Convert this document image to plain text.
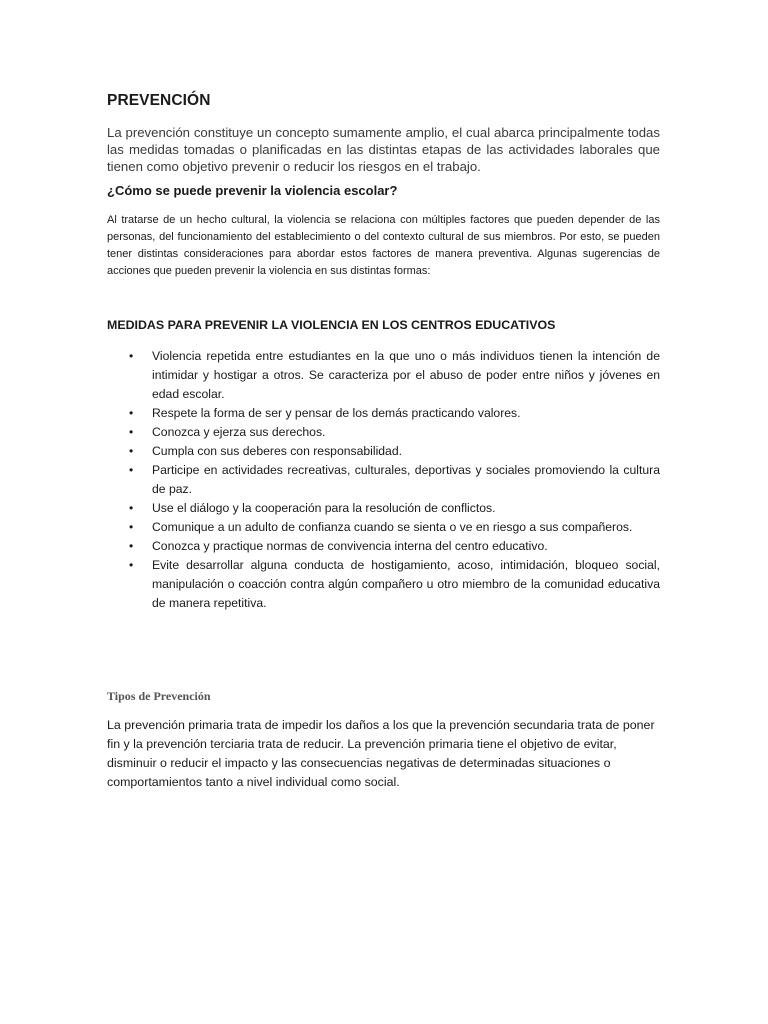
PREVENCIÓN

La prevención constituye un concepto sumamente amplio, el cual abarca principalmente todas las medidas tomadas o planificadas en las distintas etapas de las actividades laborales que tienen como objetivo prevenir o reducir los riesgos en el trabajo.

¿Cómo se puede prevenir la violencia escolar?

Al tratarse de un hecho cultural, la violencia se relaciona con múltiples factores que pueden depender de las personas, del funcionamiento del establecimiento o del contexto cultural de sus miembros. Por esto, se pueden tener distintas consideraciones para abordar estos factores de manera preventiva. Algunas sugerencias de acciones que pueden prevenir la violencia en sus distintas formas:

MEDIDAS PARA PREVENIR LA VIOLENCIA EN LOS CENTROS EDUCATIVOS
• Violencia repetida entre estudiantes en la que uno o más individuos tienen la intención de intimidar y hostigar a otros. Se caracteriza por el abuso de poder entre niños y jóvenes en edad escolar.
• Respete la forma de ser y pensar de los demás practicando valores.
• Conozca y ejerza sus derechos.
• Cumpla con sus deberes con responsabilidad.
• Participe en actividades recreativas, culturales, deportivas y sociales promoviendo la cultura de paz.
• Use el diálogo y la cooperación para la resolución de conflictos.
• Comunique a un adulto de confianza cuando se sienta o ve en riesgo a sus compañeros.
• Conozca y practique normas de convivencia interna del centro educativo.
• Evite desarrollar alguna conducta de hostigamiento, acoso, intimidación, bloqueo social, manipulación o coacción contra algún compañero u otro miembro de la comunidad educativa de manera repetitiva.
Tipos de Prevención

La prevención primaria trata de impedir los daños a los que la prevención secundaria trata de poner fin y la prevención terciaria trata de reducir. La prevención primaria tiene el objetivo de evitar, disminuir o reducir el impacto y las consecuencias negativas de determinadas situaciones o comportamientos tanto a nivel individual como social.
